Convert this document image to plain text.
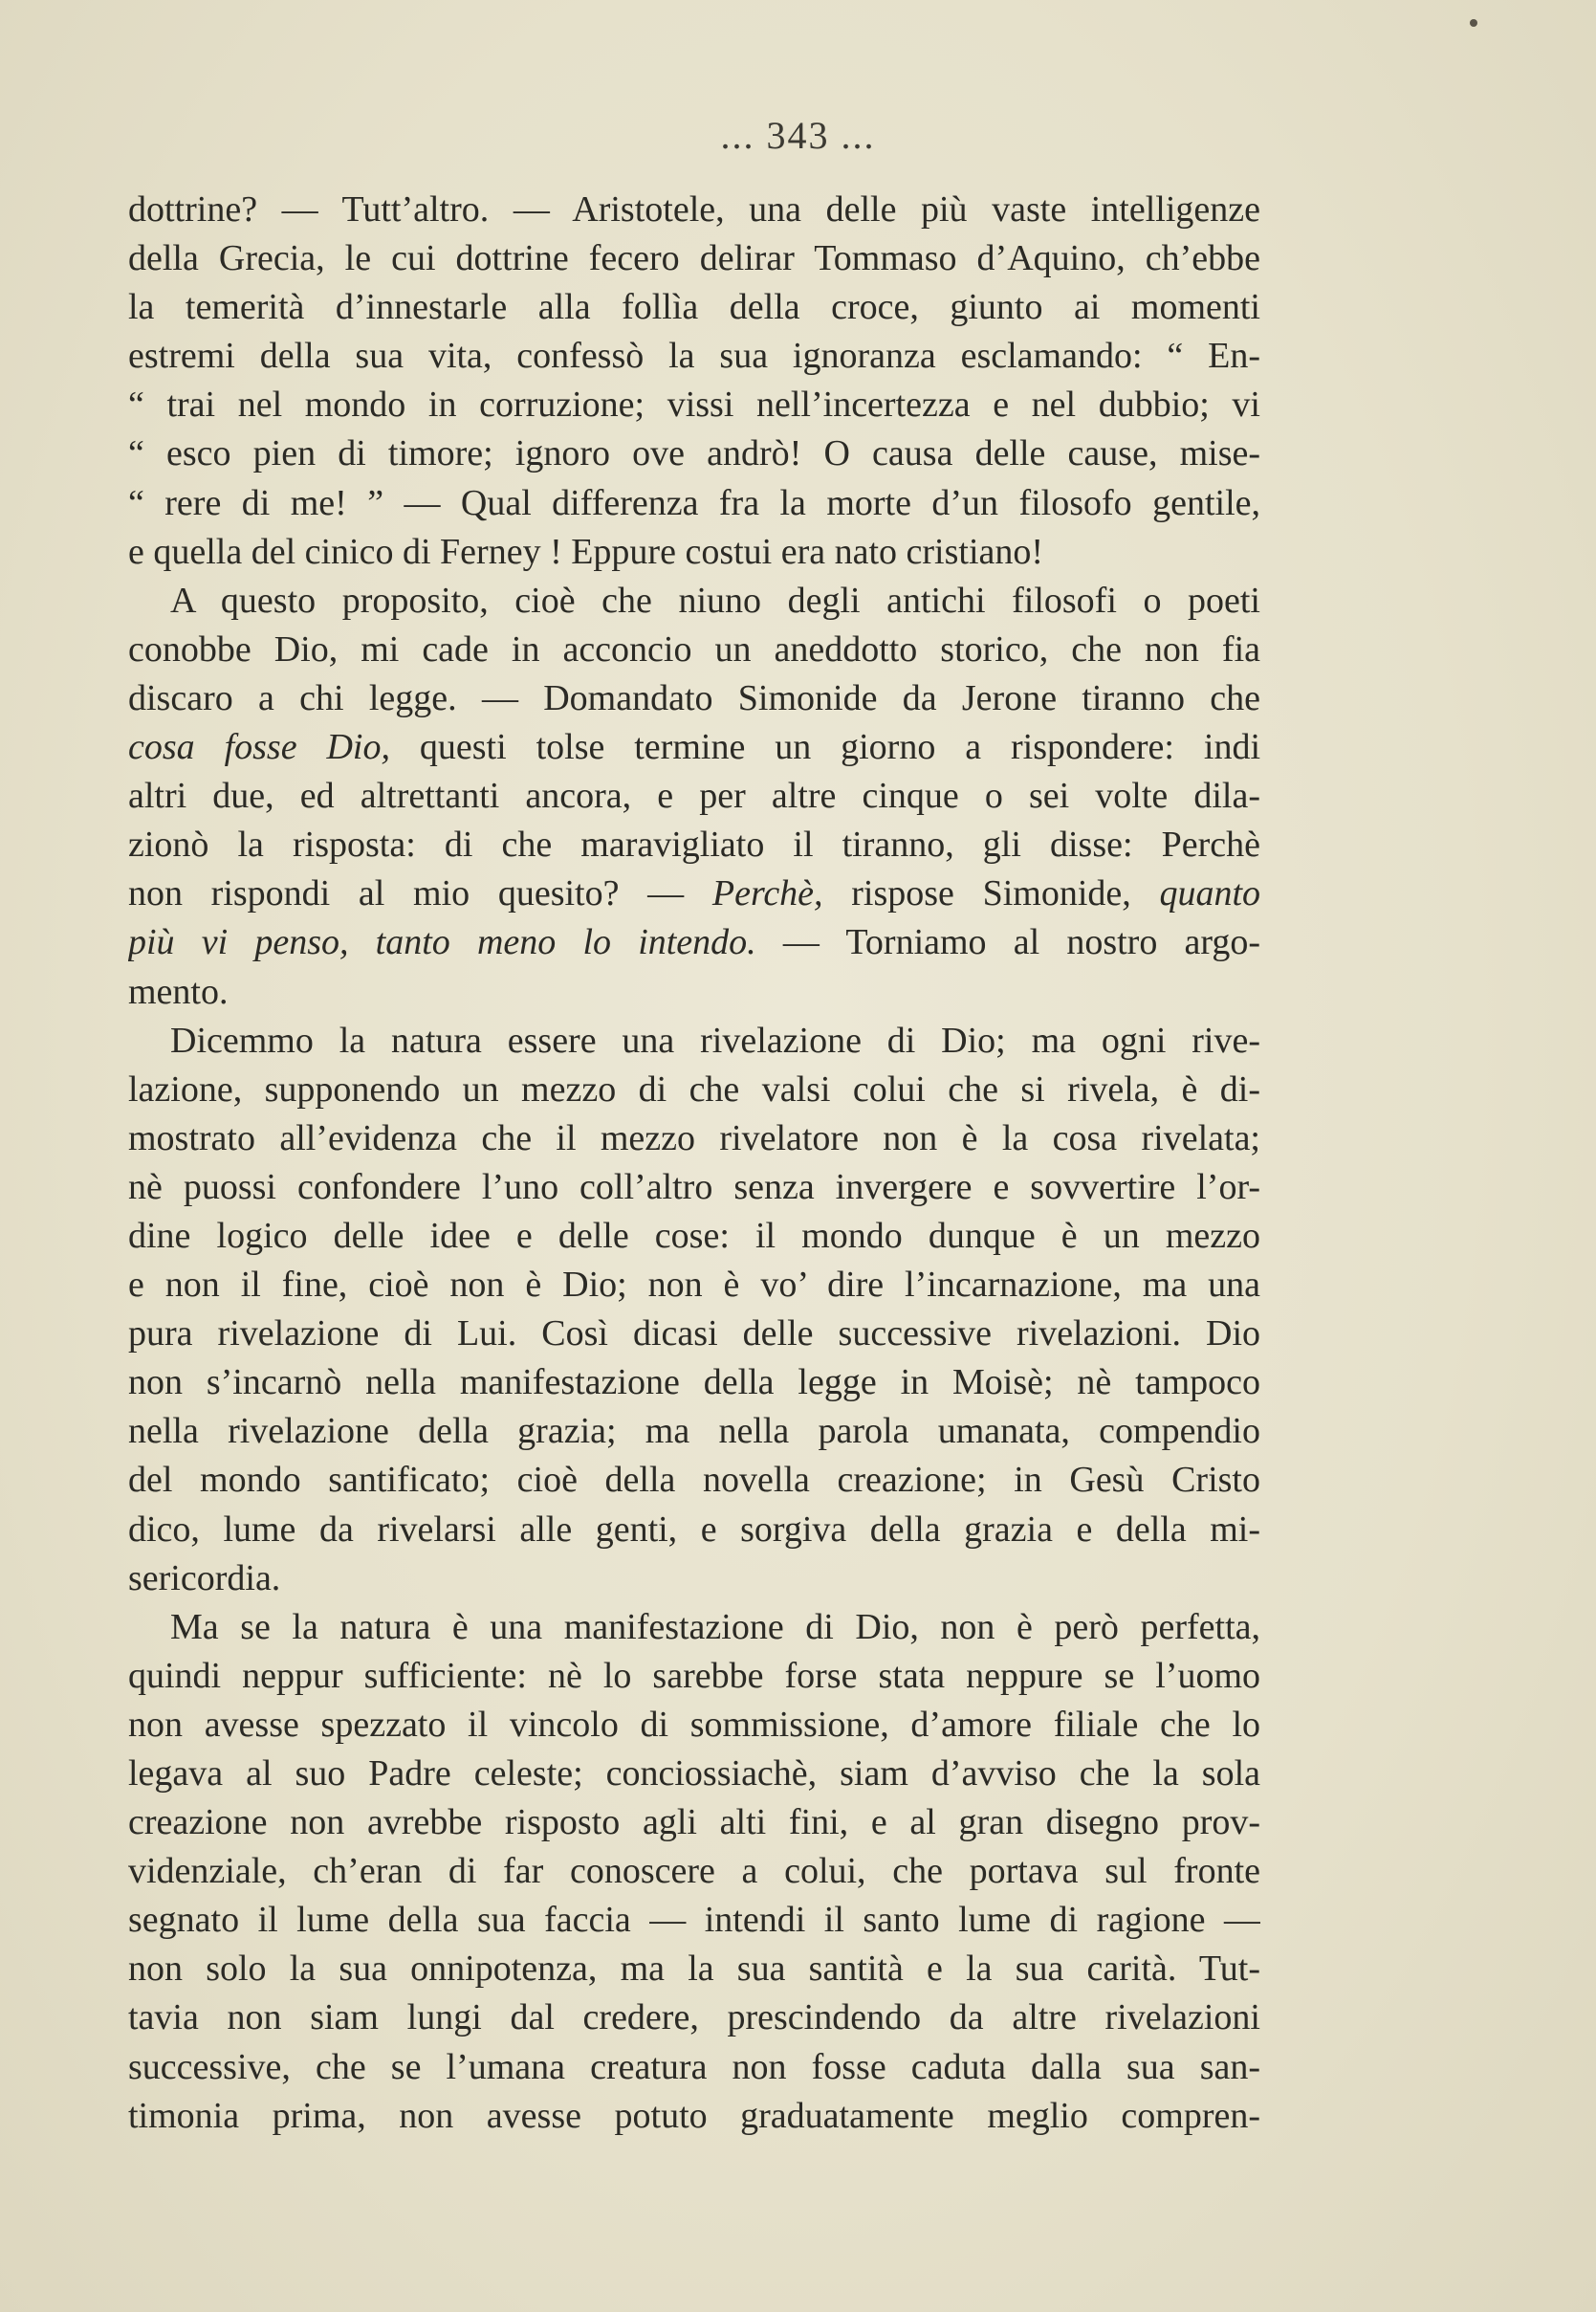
... 343 ...
dottrine? — Tutt’altro. — Aristotele, una delle più vaste intelligenze
della Grecia, le cui dottrine fecero delirar Tommaso d’Aquino, ch’ebbe
la temerità d’innestarle alla follìa della croce, giunto ai momenti
estremi della sua vita, confessò la sua ignoranza esclamando: “ En-
“ trai nel mondo in corruzione; vissi nell’incertezza e nel dubbio; vi
“ esco pien di timore; ignoro ove andrò! O causa delle cause, mise-
“ rere di me! ” — Qual differenza fra la morte d’un filosofo gentile,
e quella del cinico di Ferney ! Eppure costui era nato cristiano!
A questo proposito, cioè che niuno degli antichi filosofi o poeti
conobbe Dio, mi cade in acconcio un aneddotto storico, che non fia
discaro a chi legge. — Domandato Simonide da Jerone tiranno che
cosa fosse Dio, questi tolse termine un giorno a rispondere: indi
altri due, ed altrettanti ancora, e per altre cinque o sei volte dila-
zionò la risposta: di che maravigliato il tiranno, gli disse: Perchè
non rispondi al mio quesito? — Perchè, rispose Simonide, quanto
più vi penso, tanto meno lo intendo. — Torniamo al nostro argo-
mento.
Dicemmo la natura essere una rivelazione di Dio; ma ogni rive-
lazione, supponendo un mezzo di che valsi colui che si rivela, è di-
mostrato all’evidenza che il mezzo rivelatore non è la cosa rivelata;
nè puossi confondere l’uno coll’altro senza invergere e sovvertire l’or-
dine logico delle idee e delle cose: il mondo dunque è un mezzo
e non il fine, cioè non è Dio; non è vo’ dire l’incarnazione, ma una
pura rivelazione di Lui. Così dicasi delle successive rivelazioni. Dio
non s’incarnò nella manifestazione della legge in Moisè; nè tampoco
nella rivelazione della grazia; ma nella parola umanata, compendio
del mondo santificato; cioè della novella creazione; in Gesù Cristo
dico, lume da rivelarsi alle genti, e sorgiva della grazia e della mi-
sericordia.
Ma se la natura è una manifestazione di Dio, non è però perfetta,
quindi neppur sufficiente: nè lo sarebbe forse stata neppure se l’uomo
non avesse spezzato il vincolo di sommissione, d’amore filiale che lo
legava al suo Padre celeste; conciossiachè, siam d’avviso che la sola
creazione non avrebbe risposto agli alti fini, e al gran disegno prov-
videnziale, ch’eran di far conoscere a colui, che portava sul fronte
segnato il lume della sua faccia — intendi il santo lume di ragione —
non solo la sua onnipotenza, ma la sua santità e la sua carità. Tut-
tavia non siam lungi dal credere, prescindendo da altre rivelazioni
successive, che se l’umana creatura non fosse caduta dalla sua san-
timonia prima, non avesse potuto graduatamente meglio compren-
